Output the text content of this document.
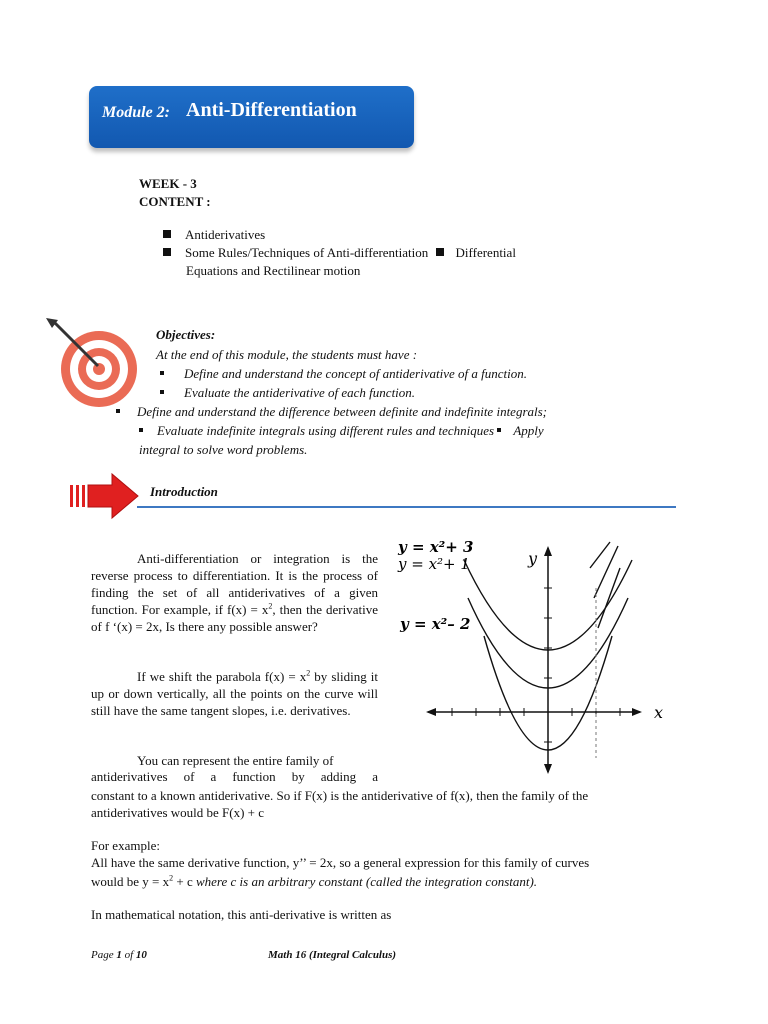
Module 2: Anti-Differentiation
WEEK - 3
CONTENT :
Antiderivatives
Some Rules/Techniques of Anti-differentiation Differential
Equations and Rectilinear motion
Objectives:
At the end of this module, the students must have :
Define and understand the concept of antiderivative of a function.
Evaluate the antiderivative of each function.
Define and understand the difference between definite and indefinite integrals;
Evaluate indefinite integrals using different rules and techniques Apply
integral to solve word problems.
Introduction
Anti-differentiation or integration is the reverse process to differentiation. It is the process of finding the set of all antiderivatives of a given function. For example, if $f(x) = x^2$, then the derivative of f ‘(x) = 2x, Is there any possible answer?
If we shift the parabola $f(x) = x^2$ by sliding it up or down vertically, all the points on the curve will still have the same tangent slopes, i.e. derivatives.
You can represent the entire family of
antiderivatives of a function by adding a
constant to a known antiderivative. So if F(x) is the antiderivative of f(x), then the family of the
antiderivatives would be F(x) + c
For example:
All have the same derivative function, y’’ = 2x, so a general expression for this family of curves
would be $y = x^2 + c$ where c is an arbitrary constant (called the integration constant).
In mathematical notation, this anti-derivative is written as
y = x²+ 3
y = x²+ 1
y = x²– 2
y
x
Page 1 of 10	Math 16 (Integral Calculus)
